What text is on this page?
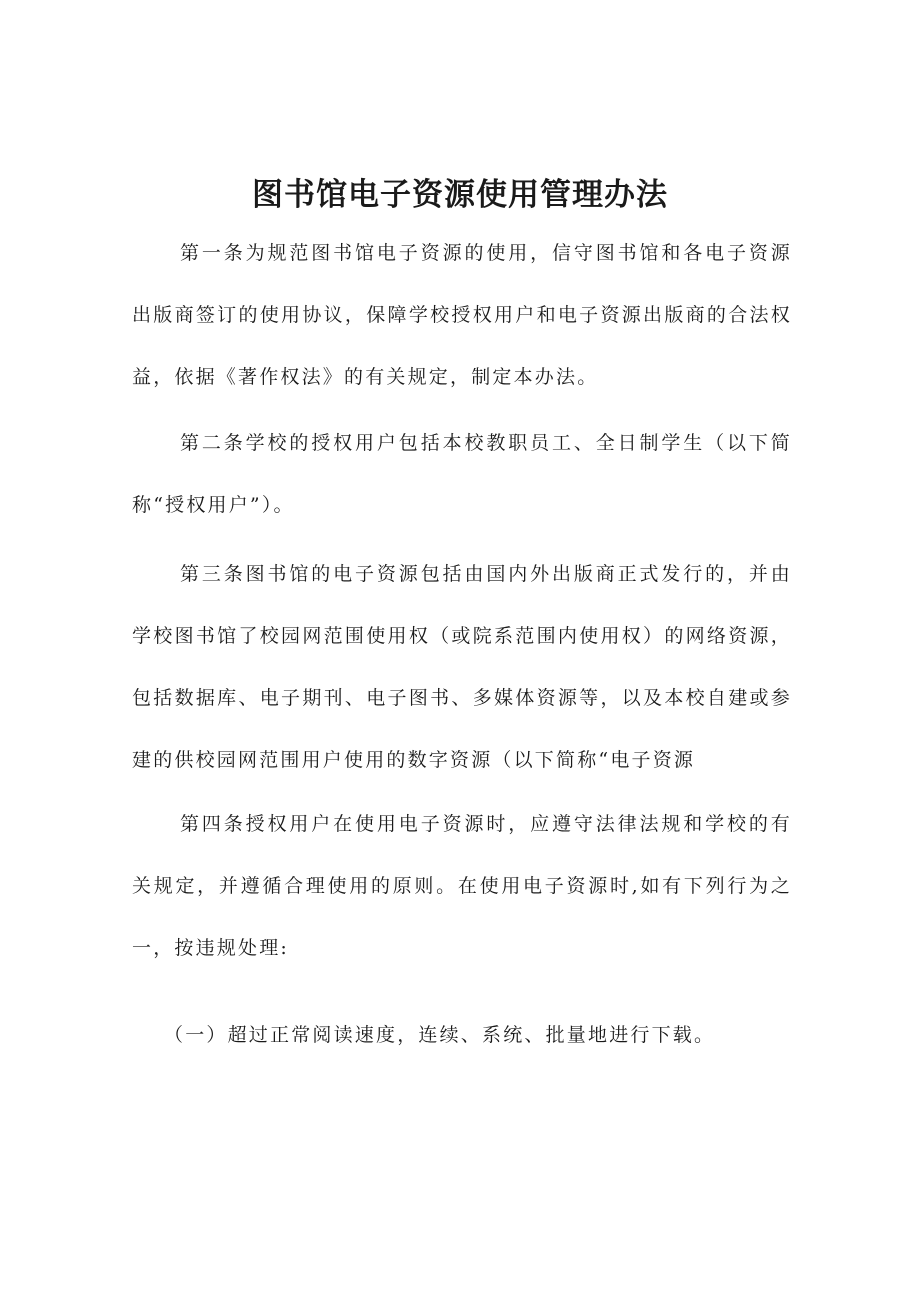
图书馆电子资源使用管理办法

第一条为规范图书馆电子资源的使用，信守图书馆和各电子资源出版商签订的使用协议，保障学校授权用户和电子资源出版商的合法权益，依据《著作权法》的有关规定，制定本办法。

第二条学校的授权用户包括本校教职员工、全日制学生（以下简称“授权用户”）。

第三条图书馆的电子资源包括由国内外出版商正式发行的，并由学校图书馆了校园网范围使用权（或院系范围内使用权）的网络资源，包括数据库、电子期刊、电子图书、多媒体资源等，以及本校自建或参建的供校园网范围用户使用的数字资源（以下简称“电子资源

第四条授权用户在使用电子资源时，应遵守法律法规和学校的有关规定，并遵循合理使用的原则。在使用电子资源时,如有下列行为之一，按违规处理:

（一）超过正常阅读速度，连续、系统、批量地进行下载。
